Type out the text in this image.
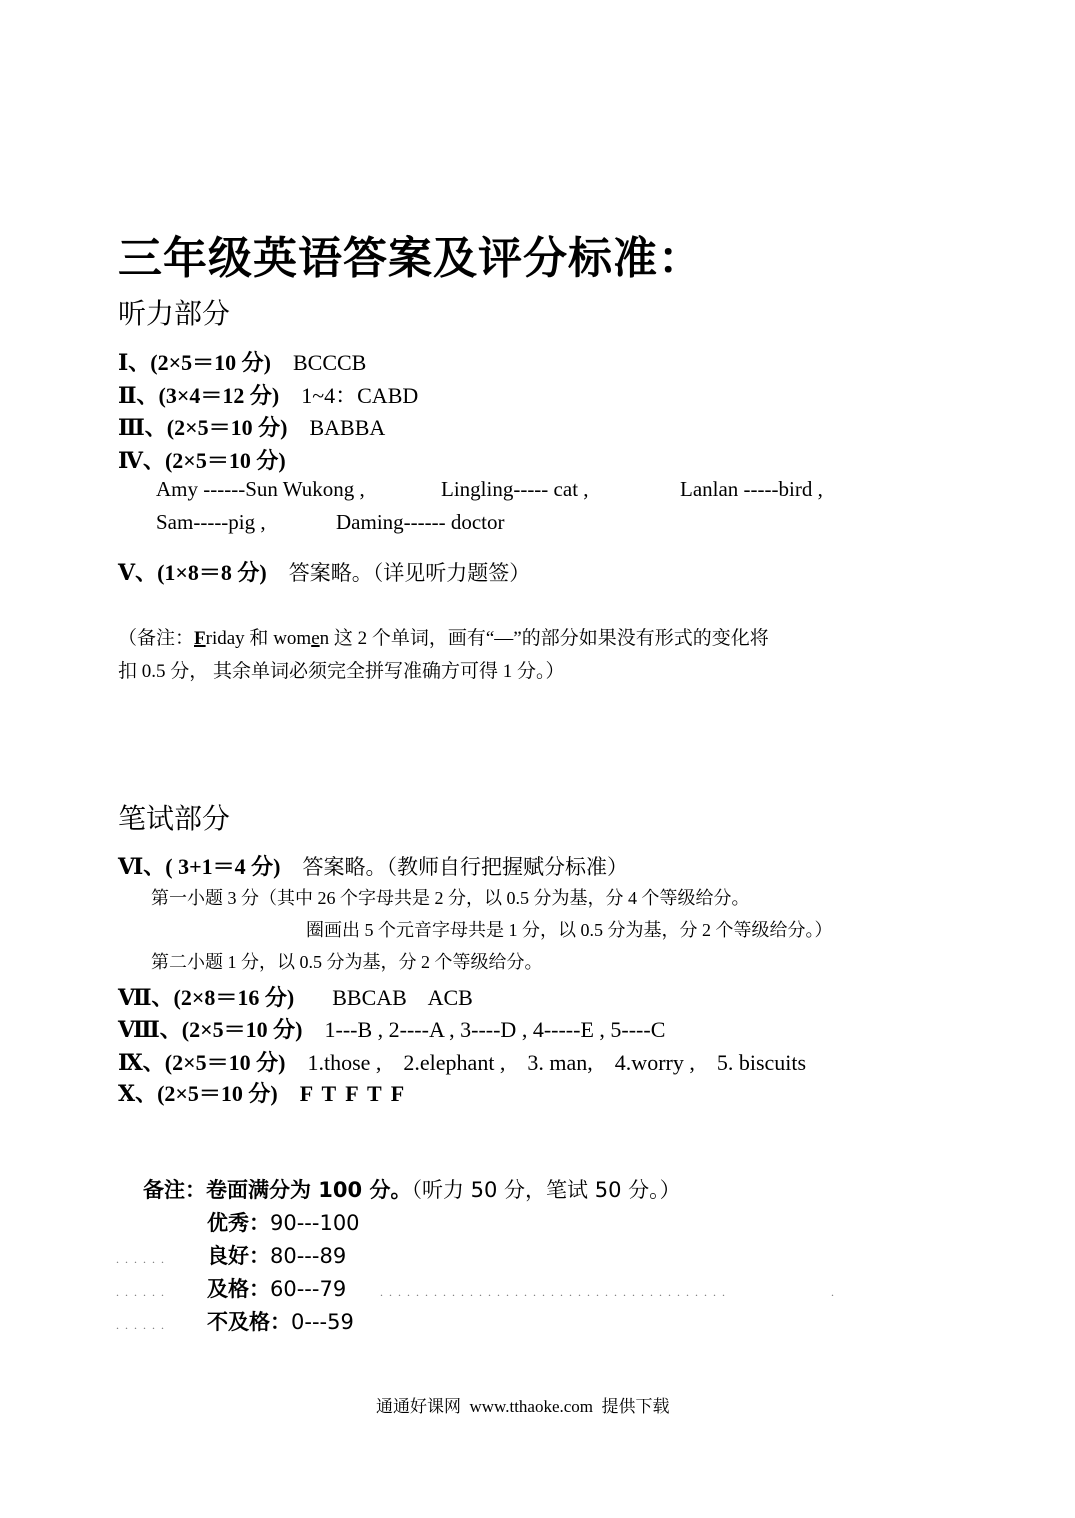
三年级英语答案及评分标准：
听力部分
Ⅰ、(2×5＝10 分) BCCCB
Ⅱ、(3×4＝12 分) 1~4：CABD
Ⅲ、(2×5＝10 分) BABBA
Ⅳ、(2×5＝10 分)
Amy ------Sun Wukong ,	Lingling----- cat ,	Lanlan -----bird ,
Sam-----pig ,	Daming------ doctor
Ⅴ、(1×8＝8 分) 答案略。（详见听力题签）
（备注：Friday 和 women 这 2 个单词，画有“—”的部分如果没有形式的变化将
扣 0.5 分， 其余单词必须完全拼写准确方可得 1 分。）
笔试部分
Ⅵ、( 3+1＝4 分) 答案略。（教师自行把握赋分标准）
第一小题 3 分（其中 26 个字母共是 2 分，以 0.5 分为基，分 4 个等级给分。
圈画出 5 个元音字母共是 1 分，以 0.5 分为基，分 2 个等级给分。）
第二小题 1 分，以 0.5 分为基，分 2 个等级给分。
Ⅶ、(2×8＝16 分) BBCAB    ACB
Ⅷ、(2×5＝10 分) 1---B , 2----A , 3----D , 4-----E , 5----C
Ⅸ、(2×5＝10 分) 1.those ,    2.elephant ,    3. man,    4.worry ,    5. biscuits
Ⅹ、(2×5＝10 分) F T F T F
备注：卷面满分为 100 分。（听力 50 分，笔试 50 分。）
优秀：90---100
...... 良好：80---89
...... 及格：60---79	.......................................	.
...... 不及格：0---59
通通好课网  www.tthaoke.com  提供下载
